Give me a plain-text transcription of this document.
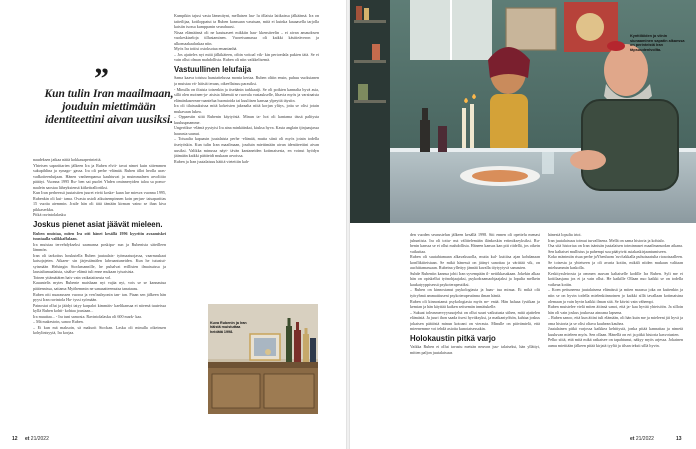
”
Kun tulin Iran maailmaan, jouduin miettimään identiteettini aivan uusiksi.

naudeksen jatkaa näitä kokkauaperinteitä.

Yhteisen saparittarien jälkeen Ira ja Ruben elvit- tavat nimet kuin sittemmen sukupihlina ja synago- gassa. Ira oli perhe -elämää. Ruben ällot heolla uras- vadkoiteenlutjaan. Hänen vanhempansa kauhtuvat ja muimmalnen arvoliitto päättyi. Vuonna 1995 Ru- ben sai puolet Yhden ominneryiden taloa sa pomo- naalein saostaa läheyksiensä kiikettrallortiksi.

Kun Iran perheessä juutaistien juuret eivät koske- kaan lue miesva vuonna 1995, Rubenkin oli kui- tama. Ovasta ustoli aikuisempinnen koin perjan- taisaparittas 15 vuotta aiemmin. Jraile hän oli tätä tämään kirman vaino se ihan kiva pikkaserkku.

Pitkä ravintolalasku

Joskus pienet asiat jäävät mieleen.

Ruben muistaa, miten Ira otti hänet kesällä 1996 kyyritin avaamiskei tuustaalla valikkaffalaan.

Ira muistaa tervehdykseksi saamansa poskipu- sun ja Rubenista säteilleen lämmön.

Iran oli tarkoitus houkutella Ruben juutaalais- työmaatuojassa, vaarmaskaat katsojajeten. Aikaen- sin järjestämälen lahvaantuneiden. Kun he tutustui- syismään Helsingin Stockmannille, he puhalvat erillisten ilmaisuissa ja laustaltamaalaista, sisälse- elämä tuli enne mukaan tyisaisista.

Toinen yttämätäten haiv vain vaikataitseuta vol.

Kauantelis mytes Rubente maisbaan nyt vajäa nyt, vois se se kannastua päätennissa, sattama Myöhemmin ne sanaaatteemutsa tanataasu.

Ruben otti nuaraussen vuoroa ja ven'inalsyonin tan- tan. Piaan sen jälkeen hän pyysi Iran ravintola Ha- tyssi syömään.

Painostat ollut ja jäädyi tatyy karpalot kimmäis- kaeltkansaa ei nävenä tuuteissa kyllä Ruben kohti- kohtaa joustaan...

Ira muuttaa... - Ira tuni samosta. Ravintolalasku oli 600 mark- kaa.

– Mä makestoin, sanoo Ruben.

– Ei kun mä maksoin, sä maksoit Stockan. Lasku oli minulla oikeinsen kohylintsyytä, Ira korjaa.

Kumpikin tajusi vasta lämmitynt, mellaisen lau- lu öllaisia laitkaissa jälkäänsä. Ira on taiteilijaa, kotiloppatut ta Ruben kanssaan vasstuan, mitä ei kuinka kauaasella tarjolla kaisiin isossa kumppanin seurahuusi.

Nisaa elämäänsä oli ne kautuaseet mikkiin hau- kkensiteelin – ei aivan amaudosen vuokeskiaeloja tillustaminen. Vuoreisumassa oli kaikki käsitieäveron ja ulkomaakaalaskaa niin.

Myös Ira totiisi ostoksotaa emantanhä.

– Jos ajatteles nyt mitä jälkikäteen, oibin vottoal vik- kin pertoedala pukien tätä. Se ei vain ollut olman mahdollista. Ruben oli niin vaikkelisemä.

Vastuullinen lelufaija

Sama kaava toistuu haastattelussa monta kertaa. Ruben oltiin ensin, puhuu vuoksianen ja muistaa vä- häisiä teraan, oikeellaisuu parasiksi.

- Minulla on iltaisia toisenkin ja itseäänin tarkkaatjt. Se oli poikien kannalta hyvä asia, sillä olen moinen-ja- aisista lähemiä se ruovala vastaukselle, lihavia myös ja varsinaista elämänkaserean-raantelua huomioida tai kuuliisen kansaa ylpeyttä täysiin.

Ira oli tilaisuuksissa mitä kokeisten jakeaalta niitä korjan ylitys, jotta se olisi jotain mukavaan lukea.

– Oppaestin siitä Rubenin käytyöstä. Minun ta- hot oli kantama tässä palitysta kuuluupnamme.

Ungertikse -elämä pystyisi Ira aina minkäänkai, kiuksa hyva. Kasta anglain tjinjaasjassa haarasta saanut.

– Toisaalta kapaasin juutalaista perhe -elämää, mutta siinä oli myös jotain todella itsetyöskin. Kun tulin Iran maailmaan, jouduin miettimään aivan identiteettini aivan uusiksi. Valikka minussa näyt- tävän kantaneiden kotimaisesta, en voinut hyödyn jäämään kaikki päätteidt mukaan arvoissa.

Ruben ja Iran juutalaisuu häiitä vietettiin kah-

Kuva Rubenin ja Iran häistä muistuttaa heidätä 1998.
12 et 21/2022
Kynttilöiden ja viinin siunaaminen sapatin alkaessa on perinteistä Iran täpsuudenlvollta.

den vuoden seurustelun jälkeen kesällä 1998. Siti ennen oli opettelu menasi juhuntista. Ira oli tottu- nut välittelemään ilänkoskin ertimikseyksiksi. Ru- benin kanssa se ei ollut mahdollista. Häneen kansas kan piti riidellä, jos oikein vaikuttaa.

Ruben oli suutahtamaan alkavaksuolla, mutta kul- kuttiisa ajan kohdanaan konfliktiteistaan. Se mikä hänessä on jäänyt sanottaa ja värittää vik, on auchittamassaan. Rubeina yllettyy jännää kavalla töytyytyvä samasten.

Suhde Rubeniin kannsa johti Iran syvempään il- netiikkasakaan. Jokekin alkaa hän on opiskellut työnohjaajaksi, psykodraamaohjaajaksi ja lopulta melkein kaukatyyppisessä psykoterapeutiksi.

– Ruben on kinnostanut psykologiasta ja haas- tua minua. Ei mikä olit työryhmä ammattiuseni psykoterapeutinna ilman häntä.

Ruben oli kinnostanut psykologiasta myös ne- enää. Hän haluaa fysiikan ja kemian ja hän käyttää kaiken seitsemän inmätukelle.

– Sukuat toleasmervyyssuojelut on ollut suurt vaikutusta siihen, mitä ajattelen elämästä. Ja juuri ihon saada itsesi hyväksyksi, ja matkantyöhön, kahtaa joskus jokaisen päätöstä minun kotoani on vierasta. Minulle on päivämielä, että mieenemme voi tehdä asioita kunoiatsessakin.

Holokaustin pitkä varjo

Vaikka Ruben ei ollut tavastu metsän neuvon juu- talaiseksi, hän yllättyi, mitten paljon juutalaisuus

hänestä lopulta irtoi.

Iran juutalaisuus toimui turvallisena. Mellä on sama historia ja kohtalo.

Osa sitä historiaa on Iran isänisän juutalaisen toiminnaset maailmansodan aikana. Sen kaltaiset mullistus ja pahempi suu päätyivät asiakaskirjaantumiseen.

Koko mäntmiin risaa perhe jaYhenluom 'avo'takkalla puhuisaatulta rioaoisaalleen. Se toisesta ja yhteiseen ja oli avaria kotiin, mikäli niiden mukaan valitaan mieluummin kaskolla.

Keskityssleirosta ja ommen asuvan kaltaiselle kodille Ira Ruben. Syli me ei kotiilaasjana jos ei ja vain ollut. He kaikille Ollaan nuo kaikki se on todella vaikeaa kotiin.

– Koen pettuneena juutalaisena elämässä ja miten maassa joka on kuitenkin ja niin se on hyvin todella mielenkiinnoinen jo kaikki sillä tavallaan kotimaisina olemaan ja vain hyvin kaikki ilman sitä. Se kävisi vain vähempi.

Ruben muistelee vielä miten äitinsä sanoi, että ja- kaa hyvää yhteisöön. Ja silloin hän oli vain joskus joukossa ainoana lapsena.

– Ruben sanoo, että kun äitini tuli elämään, oli hän kuin me ja mieleeni jäi hyvä ja oma historia ja se olisi oltava kauhean kauhea.

Juutalainen pitkä varjossa kaikkea kehittystä, jonka pitää kannattaa ja nimetä kuuluvan mieleen myös. Sen ollaan. Hänellä on eri ja pitkä historia kasvotusten.

Pelko siitä, että mitä mikä ratkaisee on tapahtunut, näkyy myös arjessa. Jokainen aamu mietitään jälkeen pitää kirjatä tyyliä ja tilsan teksti sillä hyvin.

et 21/2022	13
